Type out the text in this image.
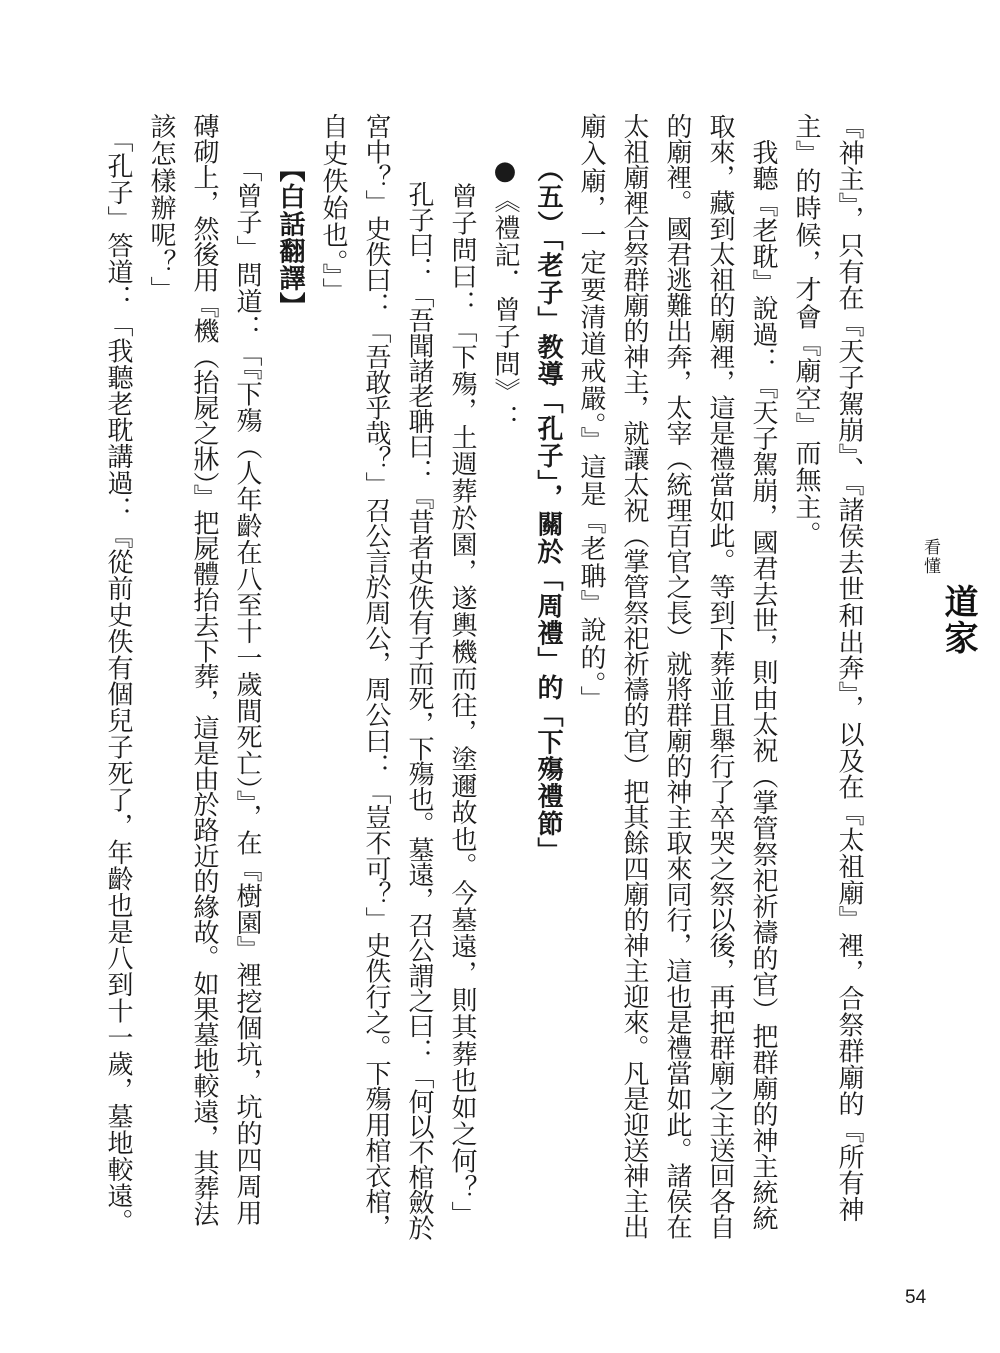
看懂
道家
『神主』，只有在『天子駕崩』、『諸侯去世和出奔』，以及在『太祖廟』裡，合祭群廟的『所有神
主』的時候，才會『廟空』而無主。
　我聽『老耽』說過：『天子駕崩，國君去世，則由太祝（掌管祭祀祈禱的官）把群廟的神主統統
取來，藏到太祖的廟裡，這是禮當如此。等到下葬並且舉行了卒哭之祭以後，再把群廟之主送回各自
的廟裡。國君逃難出奔，太宰（統理百官之長）就將群廟的神主取來同行，這也是禮當如此。諸侯在
太祖廟裡合祭群廟的神主，就讓太祝（掌管祭祀祈禱的官）把其餘四廟的神主迎來。凡是迎送神主出
廟入廟，一定要清道戒嚴。』這是『老聃』說的。」
（五）「老子」教導「孔子」，關於「周禮」的「下殤禮節」
●《禮記．曾子問》：
　曾子問曰：「下殤，土週葬於園，遂輿機而往，塗邇故也。今墓遠，則其葬也如之何？」
　孔子曰：「吾聞諸老聃曰：『昔者史佚有子而死，下殤也。墓遠，召公謂之曰：「何以不棺斂於
宮中？」史佚曰：「吾敢乎哉？」召公言於周公，周公曰：「豈不可？」史佚行之。下殤用棺衣棺，
自史佚始也。』」
【白話翻譯】
「曾子」問道：「『下殤（人年齡在八至十一歲間死亡）』，在『樹園』裡挖個坑，坑的四周用
磚砌上，然後用『機（抬屍之牀）』把屍體抬去下葬，這是由於路近的緣故。如果墓地較遠，其葬法
該怎樣辦呢？」
　「孔子」答道：「我聽老耽講過：『從前史佚有個兒子死了，年齡也是八到十一歲，墓地較遠。
54
